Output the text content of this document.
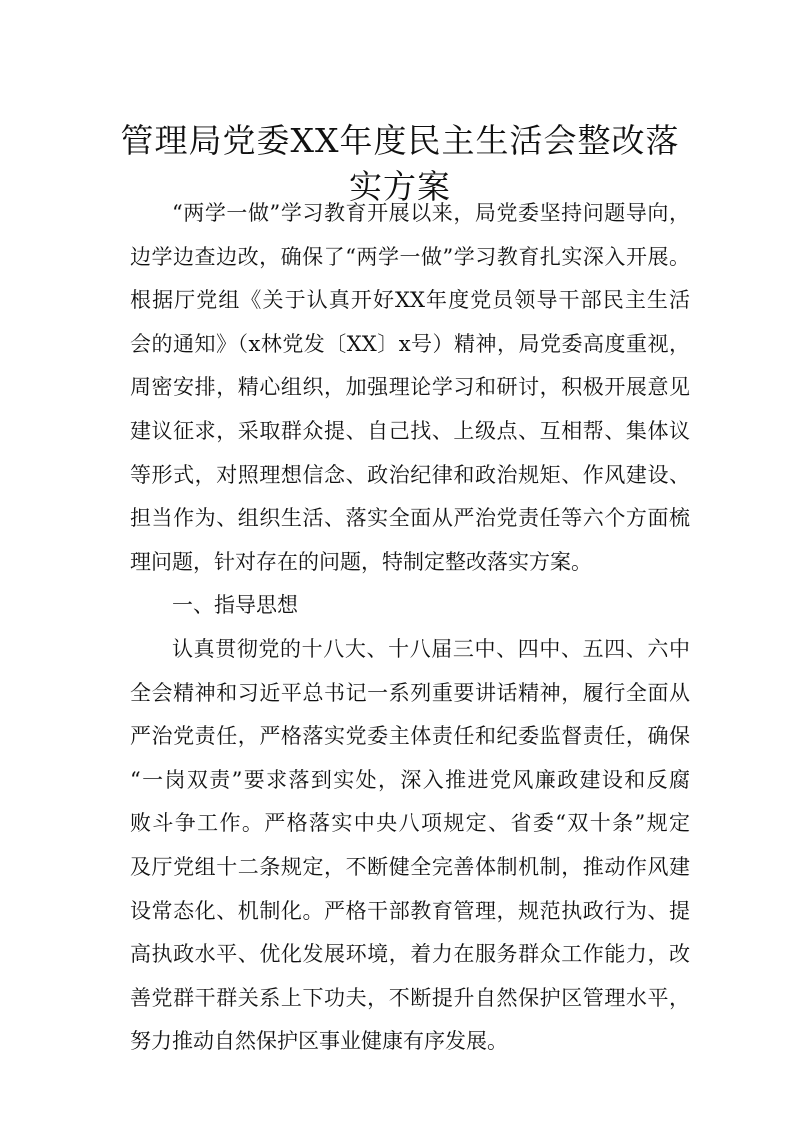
管理局党委XX年度民主生活会整改落
实方案
“两学一做”学习教育开展以来，局党委坚持问题导向，
边学边查边改，确保了“两学一做”学习教育扎实深入开展。
根据厅党组《关于认真开好XX年度党员领导干部民主生活
会的通知》（x林党发〔XX〕x号）精神，局党委高度重视，
周密安排，精心组织，加强理论学习和研讨，积极开展意见
建议征求，采取群众提、自己找、上级点、互相帮、集体议
等形式，对照理想信念、政治纪律和政治规矩、作风建设、
担当作为、组织生活、落实全面从严治党责任等六个方面梳
理问题，针对存在的问题，特制定整改落实方案。
一、指导思想
认真贯彻党的十八大、十八届三中、四中、五四、六中
全会精神和习近平总书记一系列重要讲话精神，履行全面从
严治党责任，严格落实党委主体责任和纪委监督责任，确保
“一岗双责”要求落到实处，深入推进党风廉政建设和反腐
败斗争工作。严格落实中央八项规定、省委“双十条”规定
及厅党组十二条规定，不断健全完善体制机制，推动作风建
设常态化、机制化。严格干部教育管理，规范执政行为、提
高执政水平、优化发展环境，着力在服务群众工作能力，改
善党群干群关系上下功夫，不断提升自然保护区管理水平，
努力推动自然保护区事业健康有序发展。
